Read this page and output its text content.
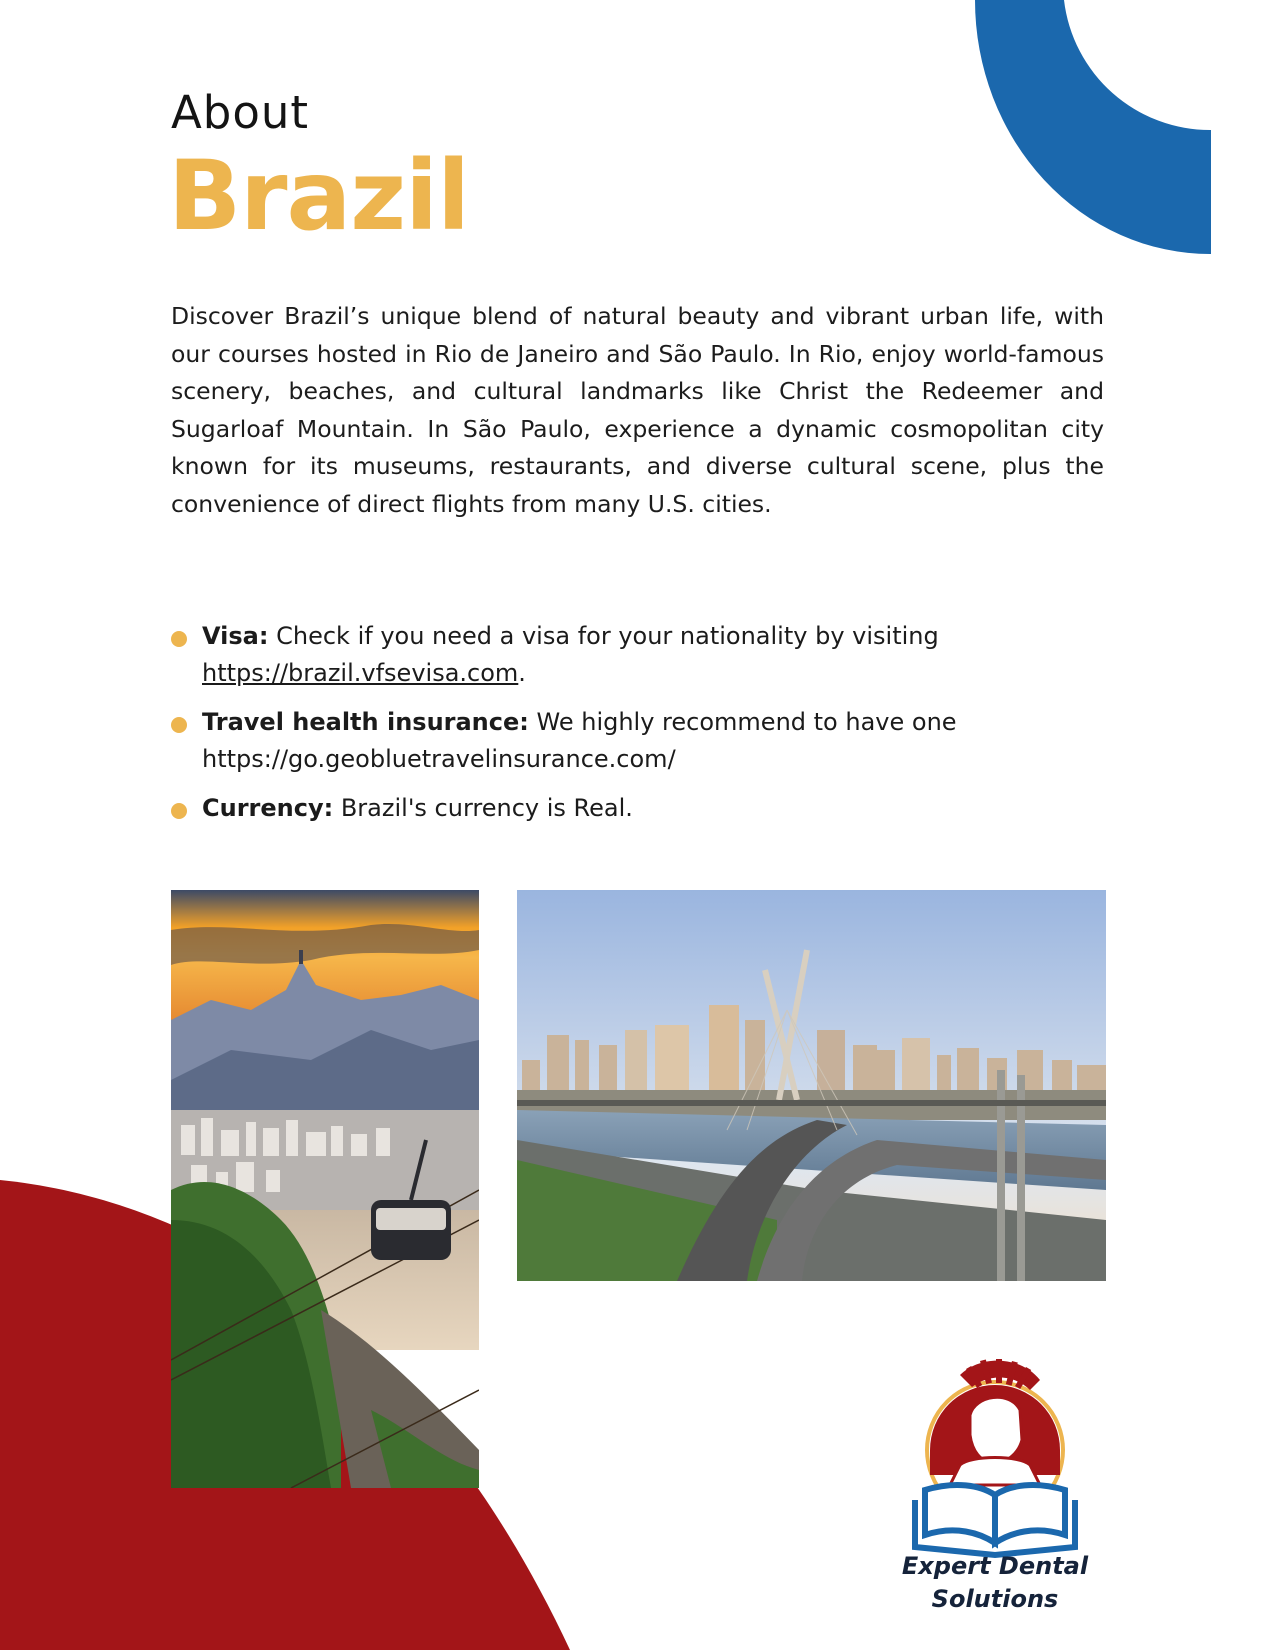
About
Brazil

Discover Brazil’s unique blend of natural beauty and vibrant urban life, with our courses hosted in Rio de Janeiro and São Paulo. In Rio, enjoy world-famous scenery, beaches, and cultural landmarks like Christ the Redeemer and Sugarloaf Mountain. In São Paulo, experience a dynamic cosmopolitan city known for its museums, restaurants, and diverse cultural scene, plus the convenience of direct flights from many U.S. cities.

Visa: Check if you need a visa for your nationality by visiting
https://brazil.vfsevisa.com.
Travel health insurance: We highly recommend to have one
https://go.geobluetravelinsurance.com/
Currency: Brazil's currency is Real.
Expert Dental
Solutions
